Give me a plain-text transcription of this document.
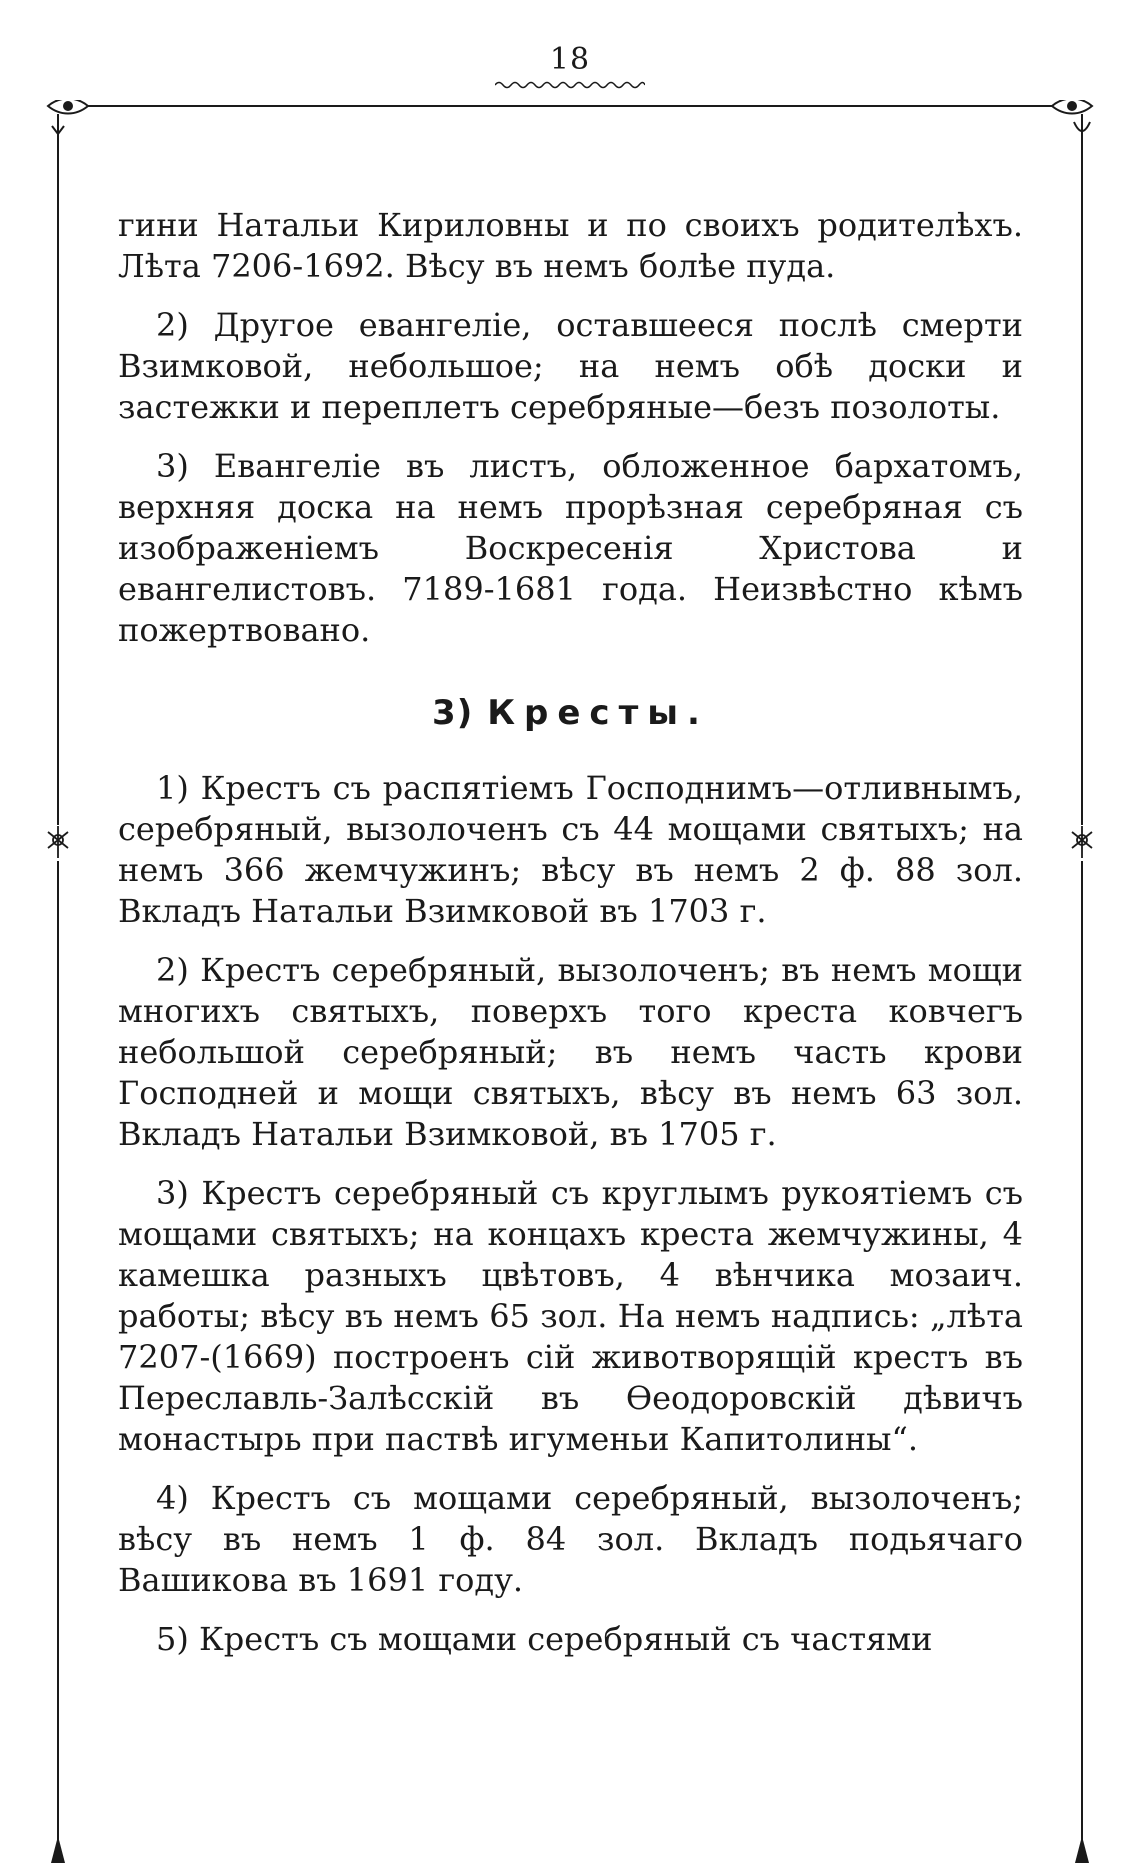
18

гини Натальи Кириловны и по своихъ родителѣхъ. Лѣта 7206-1692. Вѣсу въ немъ болѣе пуда.

2) Другое евангеліе, оставшееся послѣ смерти Взимковой, небольшое; на немъ обѣ доски и застежки и переплетъ серебряные—безъ позолоты.

3) Евангеліе въ листъ, обложенное бархатомъ, верхняя доска на немъ прорѣзная серебряная съ изображеніемъ Воскресенія Христова и евангелистовъ. 7189-1681 года. Неизвѣстно кѣмъ пожертвовано.

3) Кресты.

1) Крестъ съ распятіемъ Господнимъ—отливнымъ, серебряный, вызолоченъ съ 44 мощами святыхъ; на немъ 366 жемчужинъ; вѣсу въ немъ 2 ф. 88 зол. Вкладъ Натальи Взимковой въ 1703 г.

2) Крестъ серебряный, вызолоченъ; въ немъ мощи многихъ святыхъ, поверхъ того креста ковчегъ небольшой серебряный; въ немъ часть крови Господней и мощи святыхъ, вѣсу въ немъ 63 зол. Вкладъ Натальи Взимковой, въ 1705 г.

3) Крестъ серебряный съ круглымъ рукоятіемъ съ мощами святыхъ; на концахъ креста жемчужины, 4 камешка разныхъ цвѣтовъ, 4 вѣнчика мозаич. работы; вѣсу въ немъ 65 зол. На немъ надпись: „лѣта 7207-(1669) построенъ сій животворящій крестъ въ Переславль-Залѣсскій въ Ѳеодоровскій дѣвичъ монастырь при паствѣ игуменьи Капитолины“.

4) Крестъ съ мощами серебряный, вызолоченъ; вѣсу въ немъ 1 ф. 84 зол. Вкладъ подьячаго Вашикова въ 1691 году.

5) Крестъ съ мощами серебряный съ частями
